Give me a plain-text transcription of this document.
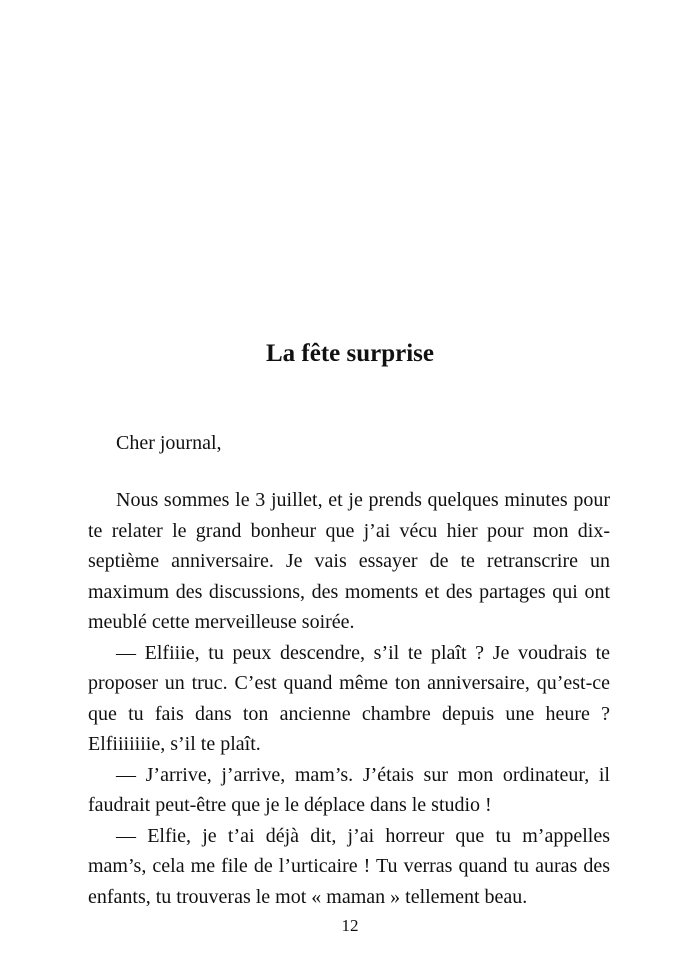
La fête surprise

Cher journal,

Nous sommes le 3 juillet, et je prends quelques minutes pour te relater le grand bonheur que j’ai vécu hier pour mon dix-septième anniversaire. Je vais essayer de te retranscrire un maximum des discussions, des moments et des partages qui ont meublé cette merveilleuse soirée.

— Elfiiie, tu peux descendre, s’il te plaît ? Je voudrais te proposer un truc. C’est quand même ton anniversaire, qu’est-ce que tu fais dans ton ancienne chambre depuis une heure ? Elfiiiiiiie, s’il te plaît.

— J’arrive, j’arrive, mam’s. J’étais sur mon ordinateur, il faudrait peut-être que je le déplace dans le studio !

— Elfie, je t’ai déjà dit, j’ai horreur que tu m’appelles mam’s, cela me file de l’urticaire ! Tu verras quand tu auras des enfants, tu trouveras le mot « maman » tellement beau.

12
